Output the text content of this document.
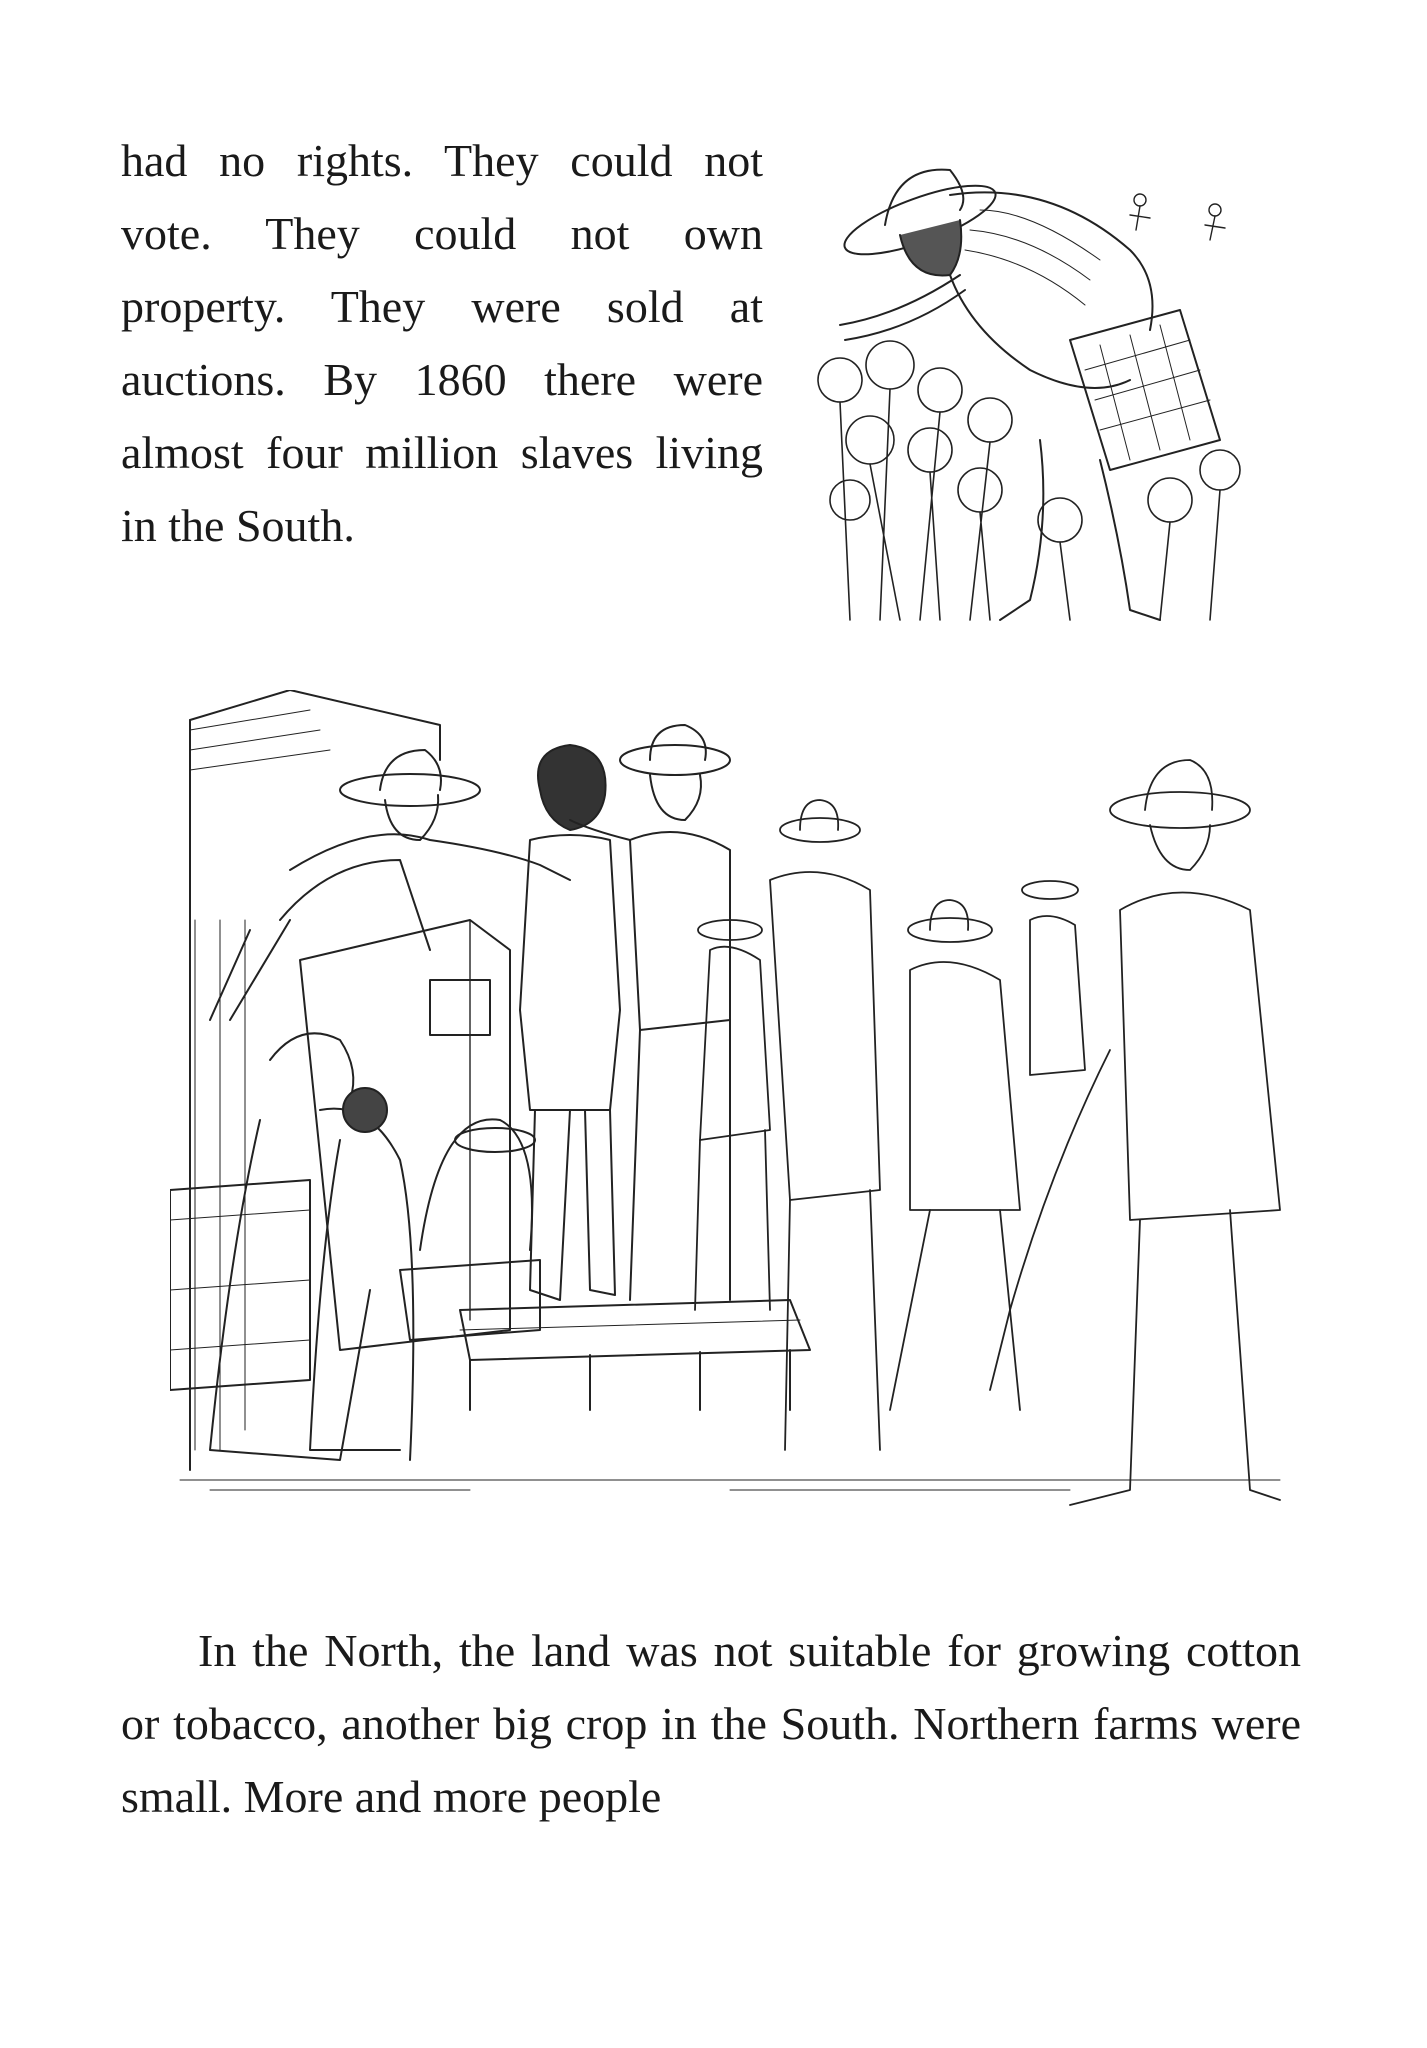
had no rights. They could not vote. They could not own property. They were sold at auctions. By 1860 there were almost four million slaves living in the South.

In the North, the land was not suitable for growing cotton or tobacco, another big crop in the South. Northern farms were small. More and more people
